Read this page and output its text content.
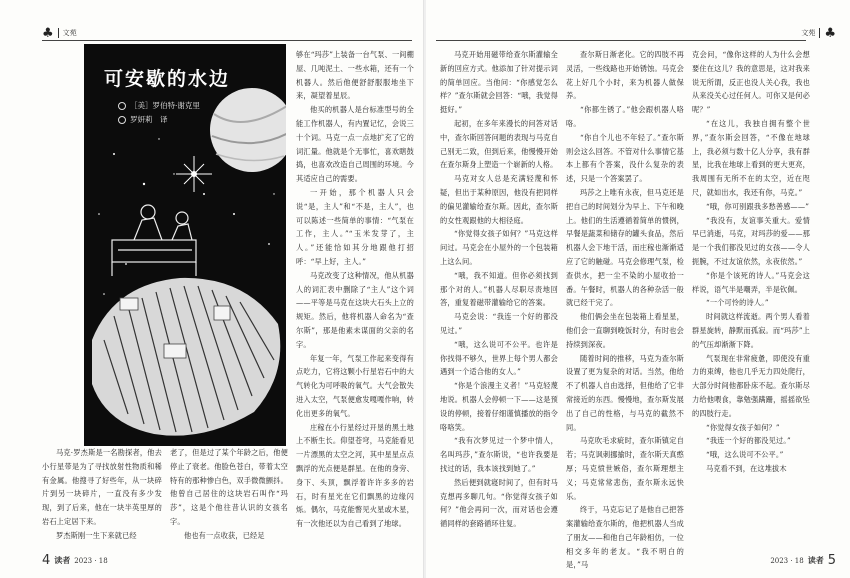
♣ 文苑
可安歇的水边
［美］罗伯特·谢克里
罗妍莉　译

马克·罗杰斯是一名勘探者，他去小行星带是为了寻找放射性物质和稀有金属。他搜寻了好些年，从一块碎片到另一块碎片，一直没有多少发现，到了后来，他在一块半英里厚的岩石上定居下来。

罗杰斯刚一生下来就已经

老了，但是过了某个年龄之后，他便停止了衰老。他脸色苍白，带着太空特有的那种惨白色，双手微微颤抖。他曾自己居住的这块岩石叫作“玛莎”，这是个他往昔认识的女孩名字。

他也有一点收获，已经足

够在“玛莎”上装备一台气泵、一间棚屋、几吨泥土、一些水箱，还有一个机器人。然后他便舒舒服服地坐下来，凝望着星辰。

他买的机器人是台标准型号的全能工作机器人，有内置记忆，会说三十个词。马克一点一点地扩充了它的词汇量。他就是个无事忙，喜欢瞎鼓捣，也喜欢改造自己周围的环境。今其适应自己的需要。

一开始，那个机器人只会说“是，主人”和“不是，主人”，也可以陈述一些简单的事情：“气泵在工作，主人。”“玉米发芽了，主人。”还能恰如其分地跟他打招呼：“早上好，主人。”

马克改变了这种情况，他从机器人的词汇表中删除了“主人”这个词——平等是马克在这块大石头上立的规矩。然后，他将机器人命名为“查尔斯”，那是他素未谋面的父亲的名字。

年复一年，气泵工作起来变得有点吃力，它将这颗小行星岩石中的大气转化为可呼吸的氧气。大气会散失进入太空，气泵便愈发嘎嘎作响，转化出更多的氧气。

庄稼在小行星经过开垦的黑土地上不断生长。仰望苍穹，马克能看见一片漂黑的太空之河，其中星星点点飘浮的光点便是群星。在他的身旁、身下、头顶，飘浮着许许多多的岩石，时有星光在它们飘黑的边缘闪烁。偶尔，马克能瞥见火星或木星，有一次他还以为自己看到了地球。

4 读者 2023 · 18
文苑 ♣

马克开始用磁带给查尔斯灌输全新的回应方式。他添加了针对提示词的简单回应。当他问：“你感觉怎么样？”查尔斯就会回答：“哦，我觉得挺好。”

起初，在多年来漫长的问答对话中，查尔斯回答问题的表现与马克自己别无二致，但到后来，他慢慢开始在查尔斯身上塑造一个崭新的人格。

马克对女人总是充满轻蔑和怀疑，但出于某种原因，他没有把同样的偏见灌输给查尔斯。因此，查尔斯的女性观跟他的大相径庭。

“你觉得女孩子如何？”马克这样问过。马克会在小屋外的一个包装箱上这么问。

“哦，我不知道。但你必须找到那个对的人。”机器人尽职尽责地回答，重复着磁带灌输给它的答案。

马克会说：“我连一个好的都没见过。”

“哦，这么说可不公平。也许是你找得不够久，世界上每个男人都会遇到一个适合他的女人。”

“你是个浪漫主义者！”马克轻蔑地说。机器人会停顿一下——这是预设的停顿，接着仔细谨慎播放的指令咯咯笑。

“我有次梦见过一个梦中情人，名叫玛莎，”查尔斯说，“也许我要是找过的话，我本该找到她了。”

然后便到就寝时间了，但有时马克想再多聊几句。“你觉得女孩子如何？”他会再问一次，而对话也会遵循同样的套路循环往复。

查尔斯日渐老化。它的四肢不再灵活，一些线路也开始锈蚀。马克会花上好几个小时，来为机器人做保养。

“你都生锈了。”他会跟机器人咯咯。

“你自个儿也不年轻了。”查尔斯则会这么回答。不管对什么事情它基本上都有个答案，没什么复杂的表述，只是一个答案罢了。

玛莎之上唯有永夜，但马克还是把自己的时间划分为早上、下午和晚上。他们的生活遵循着简单的惯例，早餐是蔬菜和储存的罐头食品，然后机器人会下地干活，而庄稼也渐渐适应了它的触碰。马克会修理气泵，检查供水，把一尘不染的小屋收拾一番。午餐时，机器人的各种杂活一般就已经干完了。

他们俩会坐在包装箱上看星星，他们会一直聊到晚饭时分，有时也会持续到深夜。

随着时间的推移，马克为查尔斯设置了更为复杂的对话。当然，他给不了机器人自由选择，但他给了它非常接近的东西。慢慢地，查尔斯发展出了自己的性格，与马克的截然不同。

马克吹毛求疵时，查尔斯镇定自若；马克讽刺挪揄时，查尔斯天真憨厚；马克愤世嫉俗，查尔斯理想主义；马克常常悲伤，查尔斯永远快乐。

终于，马克忘记了是他自己把答案灌输给查尔斯的，他把机器人当成了朋友——和他自己年龄相仿，一位相交多年的老友。“我不明白的是，”马

克会问，“像你这样的人为什么会想要住在这儿？我的意思是，这对我来说无所谓，反正也没人关心我，我也从来没关心过任何人。可你又是何必呢？”

“在这儿，我独自拥有整个世界，”查尔斯会回答，“不像在地球上，我必须与数十亿人分享，我有群星，比我在地球上看到的更大更亮，我周围有无所不在的太空，近在咫尺，就如出水，我还有你，马克。”

“哦，你可别跟我多愁善感——”

“我没有，友谊事关重大。爱情早已消逝，马克，对玛莎的爱——那是一个我们都没见过的女孩——令人扼腕，不过友谊依然，永夜依然。”

“你是个该死的诗人。”马克会这样说，语气半是嘲弄，半是钦佩。

“一个可怜的诗人。”

时间就这样流逝。两个男人看着群星旋转，静默而孤寂。而“玛莎”上的气压却渐渐下降。

气泵现在非常疲惫，即使没有重力的束缚，他也几乎无力四处爬行，大部分时间他都卧床不起。查尔斯尽力给他喂食，靠勉强蹒跚，摇摇欲坠的四肢行走。

“你觉得女孩子如何？”

“我连一个好的都没见过。”

“哦，这么说可不公平。”

马克看不到，在这堆拔木

2023 · 18 读者 5
